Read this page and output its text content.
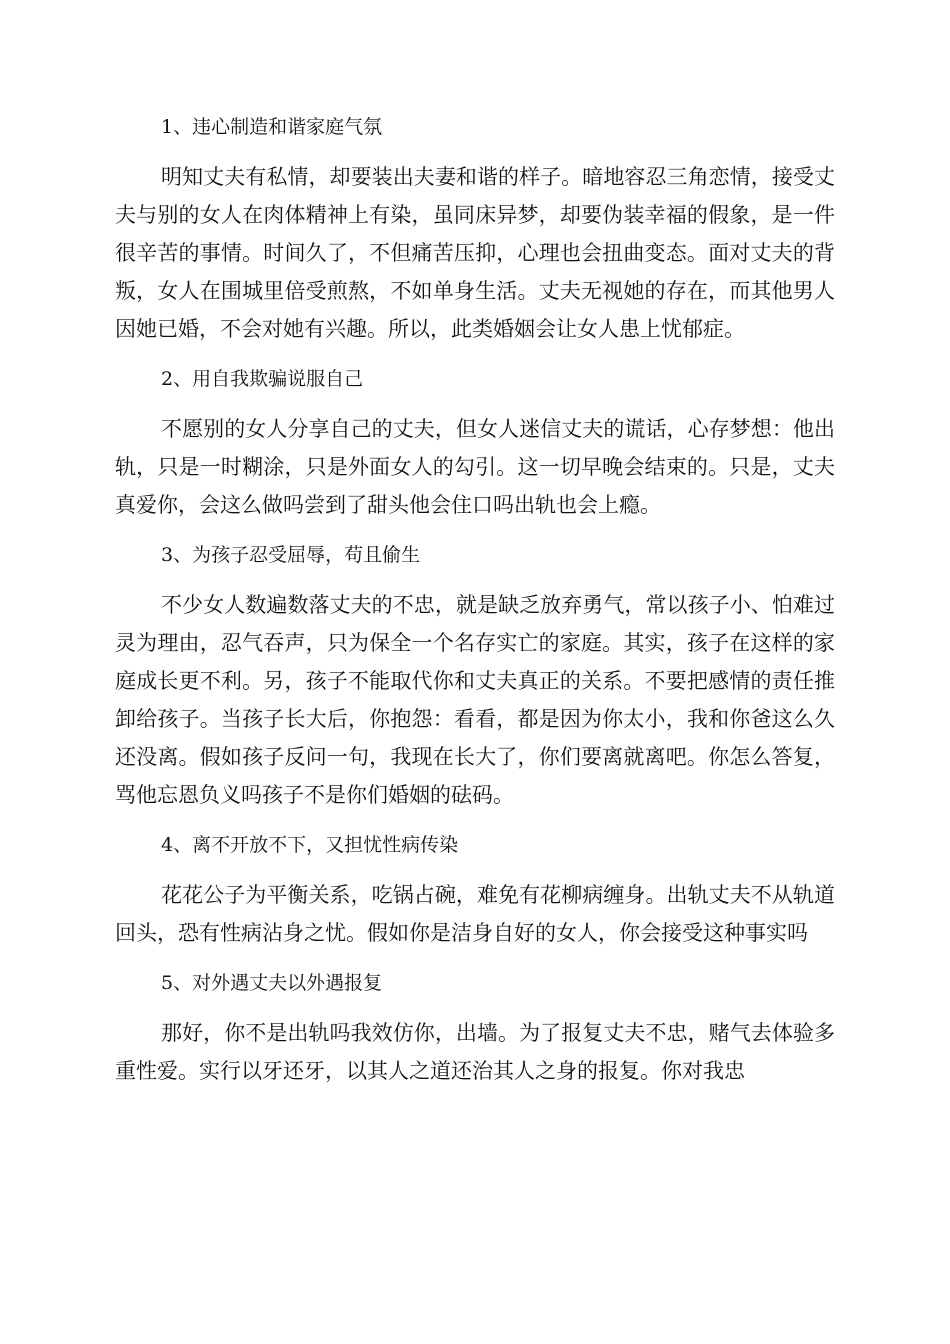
1、违心制造和谐家庭气氛
明知丈夫有私情，却要装出夫妻和谐的样子。暗地容忍三角恋情，接受丈夫与别的女人在肉体精神上有染，虽同床异梦，却要伪装幸福的假象，是一件很辛苦的事情。时间久了，不但痛苦压抑，心理也会扭曲变态。面对丈夫的背叛，女人在围城里倍受煎熬，不如单身生活。丈夫无视她的存在，而其他男人因她已婚，不会对她有兴趣。所以，此类婚姻会让女人患上忧郁症。
2、用自我欺骗说服自己
不愿别的女人分享自己的丈夫，但女人迷信丈夫的谎话，心存梦想：他出轨，只是一时糊涂，只是外面女人的勾引。这一切早晚会结束的。只是，丈夫真爱你，会这么做吗尝到了甜头他会住口吗出轨也会上瘾。
3、为孩子忍受屈辱，苟且偷生
不少女人数遍数落丈夫的不忠，就是缺乏放弃勇气，常以孩子小、怕难过灵为理由，忍气吞声，只为保全一个名存实亡的家庭。其实，孩子在这样的家庭成长更不利。另，孩子不能取代你和丈夫真正的关系。不要把感情的责任推卸给孩子。当孩子长大后，你抱怨：看看，都是因为你太小，我和你爸这么久还没离。假如孩子反问一句，我现在长大了，你们要离就离吧。你怎么答复，骂他忘恩负义吗孩子不是你们婚姻的砝码。
4、离不开放不下，又担忧性病传染
花花公子为平衡关系，吃锅占碗，难免有花柳病缠身。出轨丈夫不从轨道回头，恐有性病沾身之忧。假如你是洁身自好的女人，你会接受这种事实吗
5、对外遇丈夫以外遇报复
那好，你不是出轨吗我效仿你，出墙。为了报复丈夫不忠，赌气去体验多重性爱。实行以牙还牙，以其人之道还治其人之身的报复。你对我忠
